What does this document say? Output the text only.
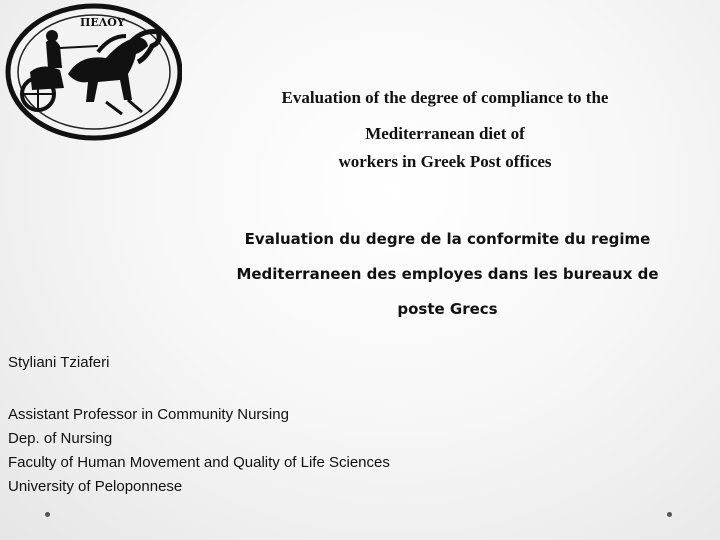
ΠΕΛΟΥ
Evaluation of the degree of compliance to the
Mediterranean diet of
workers in Greek Post offices
Evaluation du degre de la conformite du regime
Mediterraneen des employes dans les bureaux de
poste Grecs
Styliani Tziaferi
Assistant Professor in Community Nursing
Dep. of Nursing
Faculty of Human Movement and Quality of Life Sciences
University of Peloponnese
